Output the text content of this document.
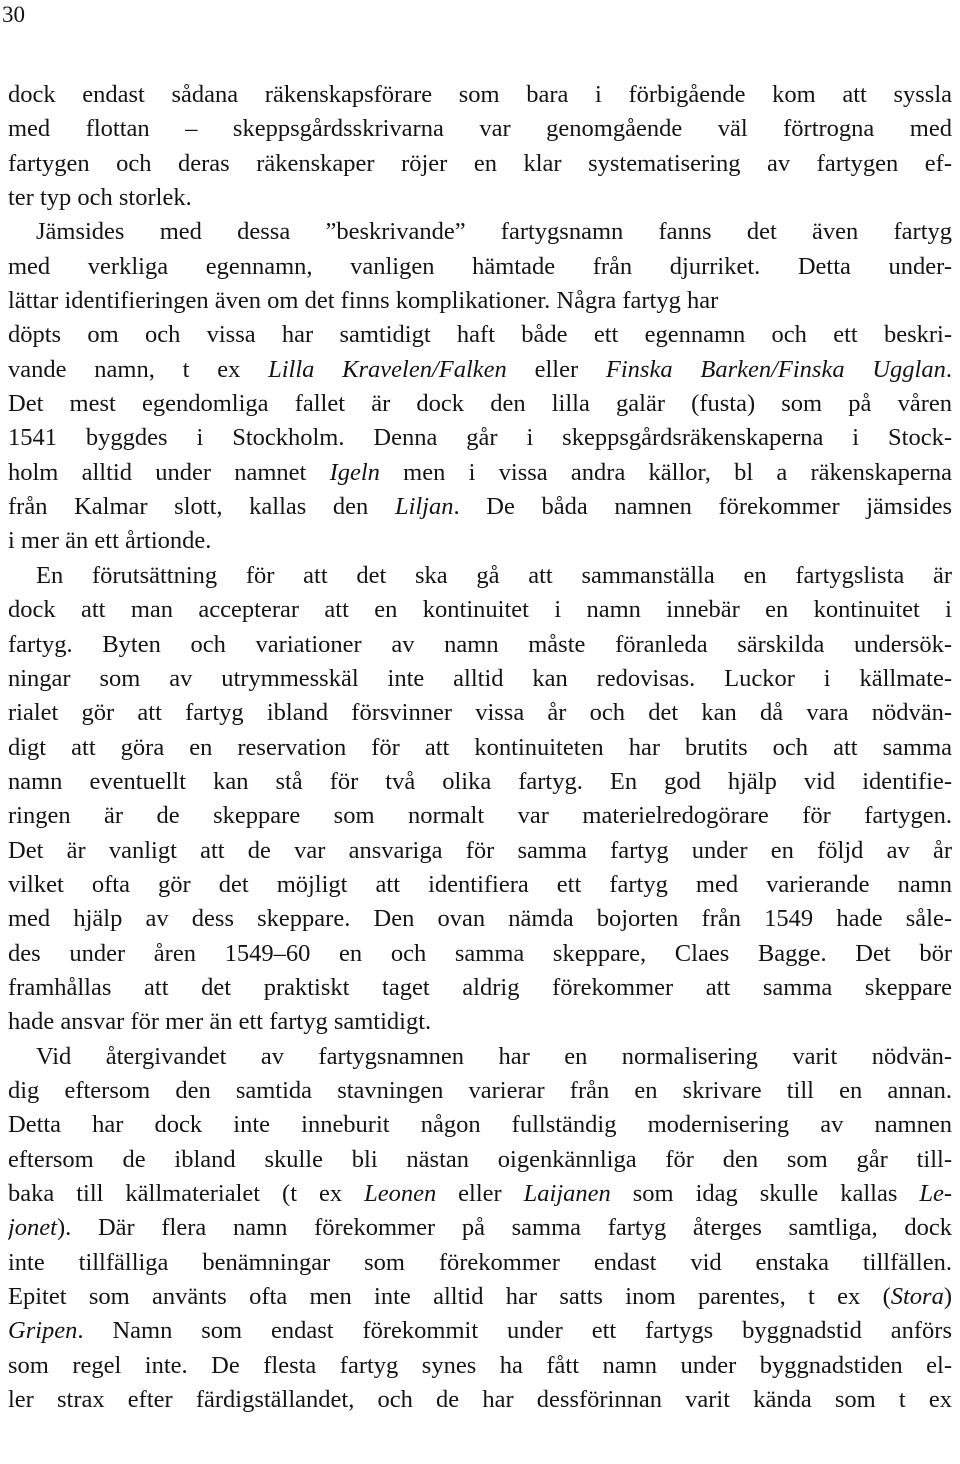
30
dock endast sådana räkenskapsförare som bara i förbigående kom att syssla
med flottan – skeppsgårdsskrivarna var genomgående väl förtrogna med
fartygen och deras räkenskaper röjer en klar systematisering av fartygen ef-
ter typ och storlek.
Jämsides med dessa ”beskrivande” fartygsnamn fanns det även fartyg
med verkliga egennamn, vanligen hämtade från djurriket. Detta under-
lättar identifieringen även om det finns komplikationer. Några fartyg har
döpts om och vissa har samtidigt haft både ett egennamn och ett beskri-
vande namn, t ex Lilla Kravelen/Falken eller Finska Barken/Finska Ugglan.
Det mest egendomliga fallet är dock den lilla galär (fusta) som på våren
1541 byggdes i Stockholm. Denna går i skeppsgårdsräkenskaperna i Stock-
holm alltid under namnet Igeln men i vissa andra källor, bl a räkenskaperna
från Kalmar slott, kallas den Liljan. De båda namnen förekommer jämsides
i mer än ett årtionde.
En förutsättning för att det ska gå att sammanställa en fartygslista är
dock att man accepterar att en kontinuitet i namn innebär en kontinuitet i
fartyg. Byten och variationer av namn måste föranleda särskilda undersök-
ningar som av utrymmesskäl inte alltid kan redovisas. Luckor i källmate-
rialet gör att fartyg ibland försvinner vissa år och det kan då vara nödvän-
digt att göra en reservation för att kontinuiteten har brutits och att samma
namn eventuellt kan stå för två olika fartyg. En god hjälp vid identifie-
ringen är de skeppare som normalt var materielredogörare för fartygen.
Det är vanligt att de var ansvariga för samma fartyg under en följd av år
vilket ofta gör det möjligt att identifiera ett fartyg med varierande namn
med hjälp av dess skeppare. Den ovan nämda bojorten från 1549 hade såle-
des under åren 1549–60 en och samma skeppare, Claes Bagge. Det bör
framhållas att det praktiskt taget aldrig förekommer att samma skeppare
hade ansvar för mer än ett fartyg samtidigt.
Vid återgivandet av fartygsnamnen har en normalisering varit nödvän-
dig eftersom den samtida stavningen varierar från en skrivare till en annan.
Detta har dock inte inneburit någon fullständig modernisering av namnen
eftersom de ibland skulle bli nästan oigenkännliga för den som går till-
baka till källmaterialet (t ex Leonen eller Laijanen som idag skulle kallas Le-
jonet). Där flera namn förekommer på samma fartyg återges samtliga, dock
inte tillfälliga benämningar som förekommer endast vid enstaka tillfällen.
Epitet som använts ofta men inte alltid har satts inom parentes, t ex (Stora)
Gripen. Namn som endast förekommit under ett fartygs byggnadstid anförs
som regel inte. De flesta fartyg synes ha fått namn under byggnadstiden el-
ler strax efter färdigställandet, och de har dessförinnan varit kända som t ex
